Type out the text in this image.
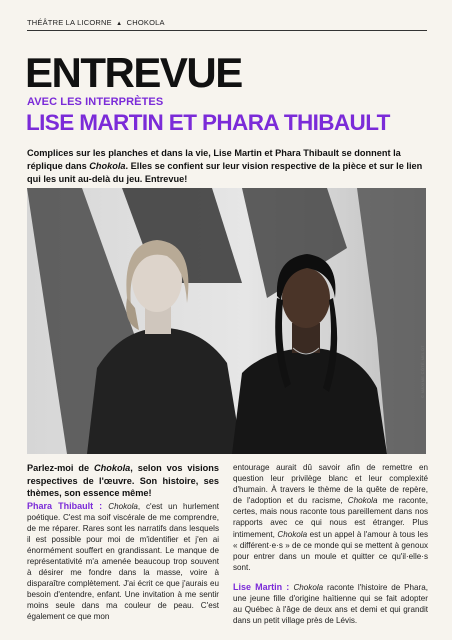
THÉÂTRE LA LICORNE ▲ CHOKOLA
ENTREVUE
AVEC LES INTERPRÈTES
LISE MARTIN ET PHARA THIBAULT

Complices sur les planches et dans la vie, Lise Martin et Phara Thibault se donnent la réplique dans Chokola. Elles se confient sur leur vision respective de la pièce et sur le lien qui les unit au-delà du jeu. Entrevue!

© MAXIME CÔTÉ-MELOT

Parlez-moi de Chokola, selon vos visions respectives de l'œuvre. Son histoire, ses thèmes, son essence même!

Phara Thibault : Chokola, c'est un hurlement poétique. C'est ma soif viscérale de me comprendre, de me réparer. Rares sont les narratifs dans lesquels il est possible pour moi de m'identifier et j'en ai énormément souffert en grandissant. Le manque de représentativité m'a amenée beaucoup trop souvent à désirer me fondre dans la masse, voire à disparaître complètement. J'ai écrit ce que j'aurais eu besoin d'entendre, enfant. Une invitation à me sentir moins seule dans ma couleur de peau. C'est également ce que mon

entourage aurait dû savoir afin de remettre en question leur privilège blanc et leur complexité d'humain. À travers le thème de la quête de repère, de l'adoption et du racisme, Chokola me raconte, certes, mais nous raconte tous pareillement dans nos rapports avec ce qui nous est étranger. Plus intimement, Chokola est un appel à l'amour à tous les « différent·e·s » de ce monde qui se mettent à genoux pour entrer dans un moule et quitter ce qu'il·elle·s sont.

Lise Martin : Chokola raconte l'histoire de Phara, une jeune fille d'origine haïtienne qui se fait adopter au Québec à l'âge de deux ans et demi et qui grandit dans un petit village près de Lévis.
